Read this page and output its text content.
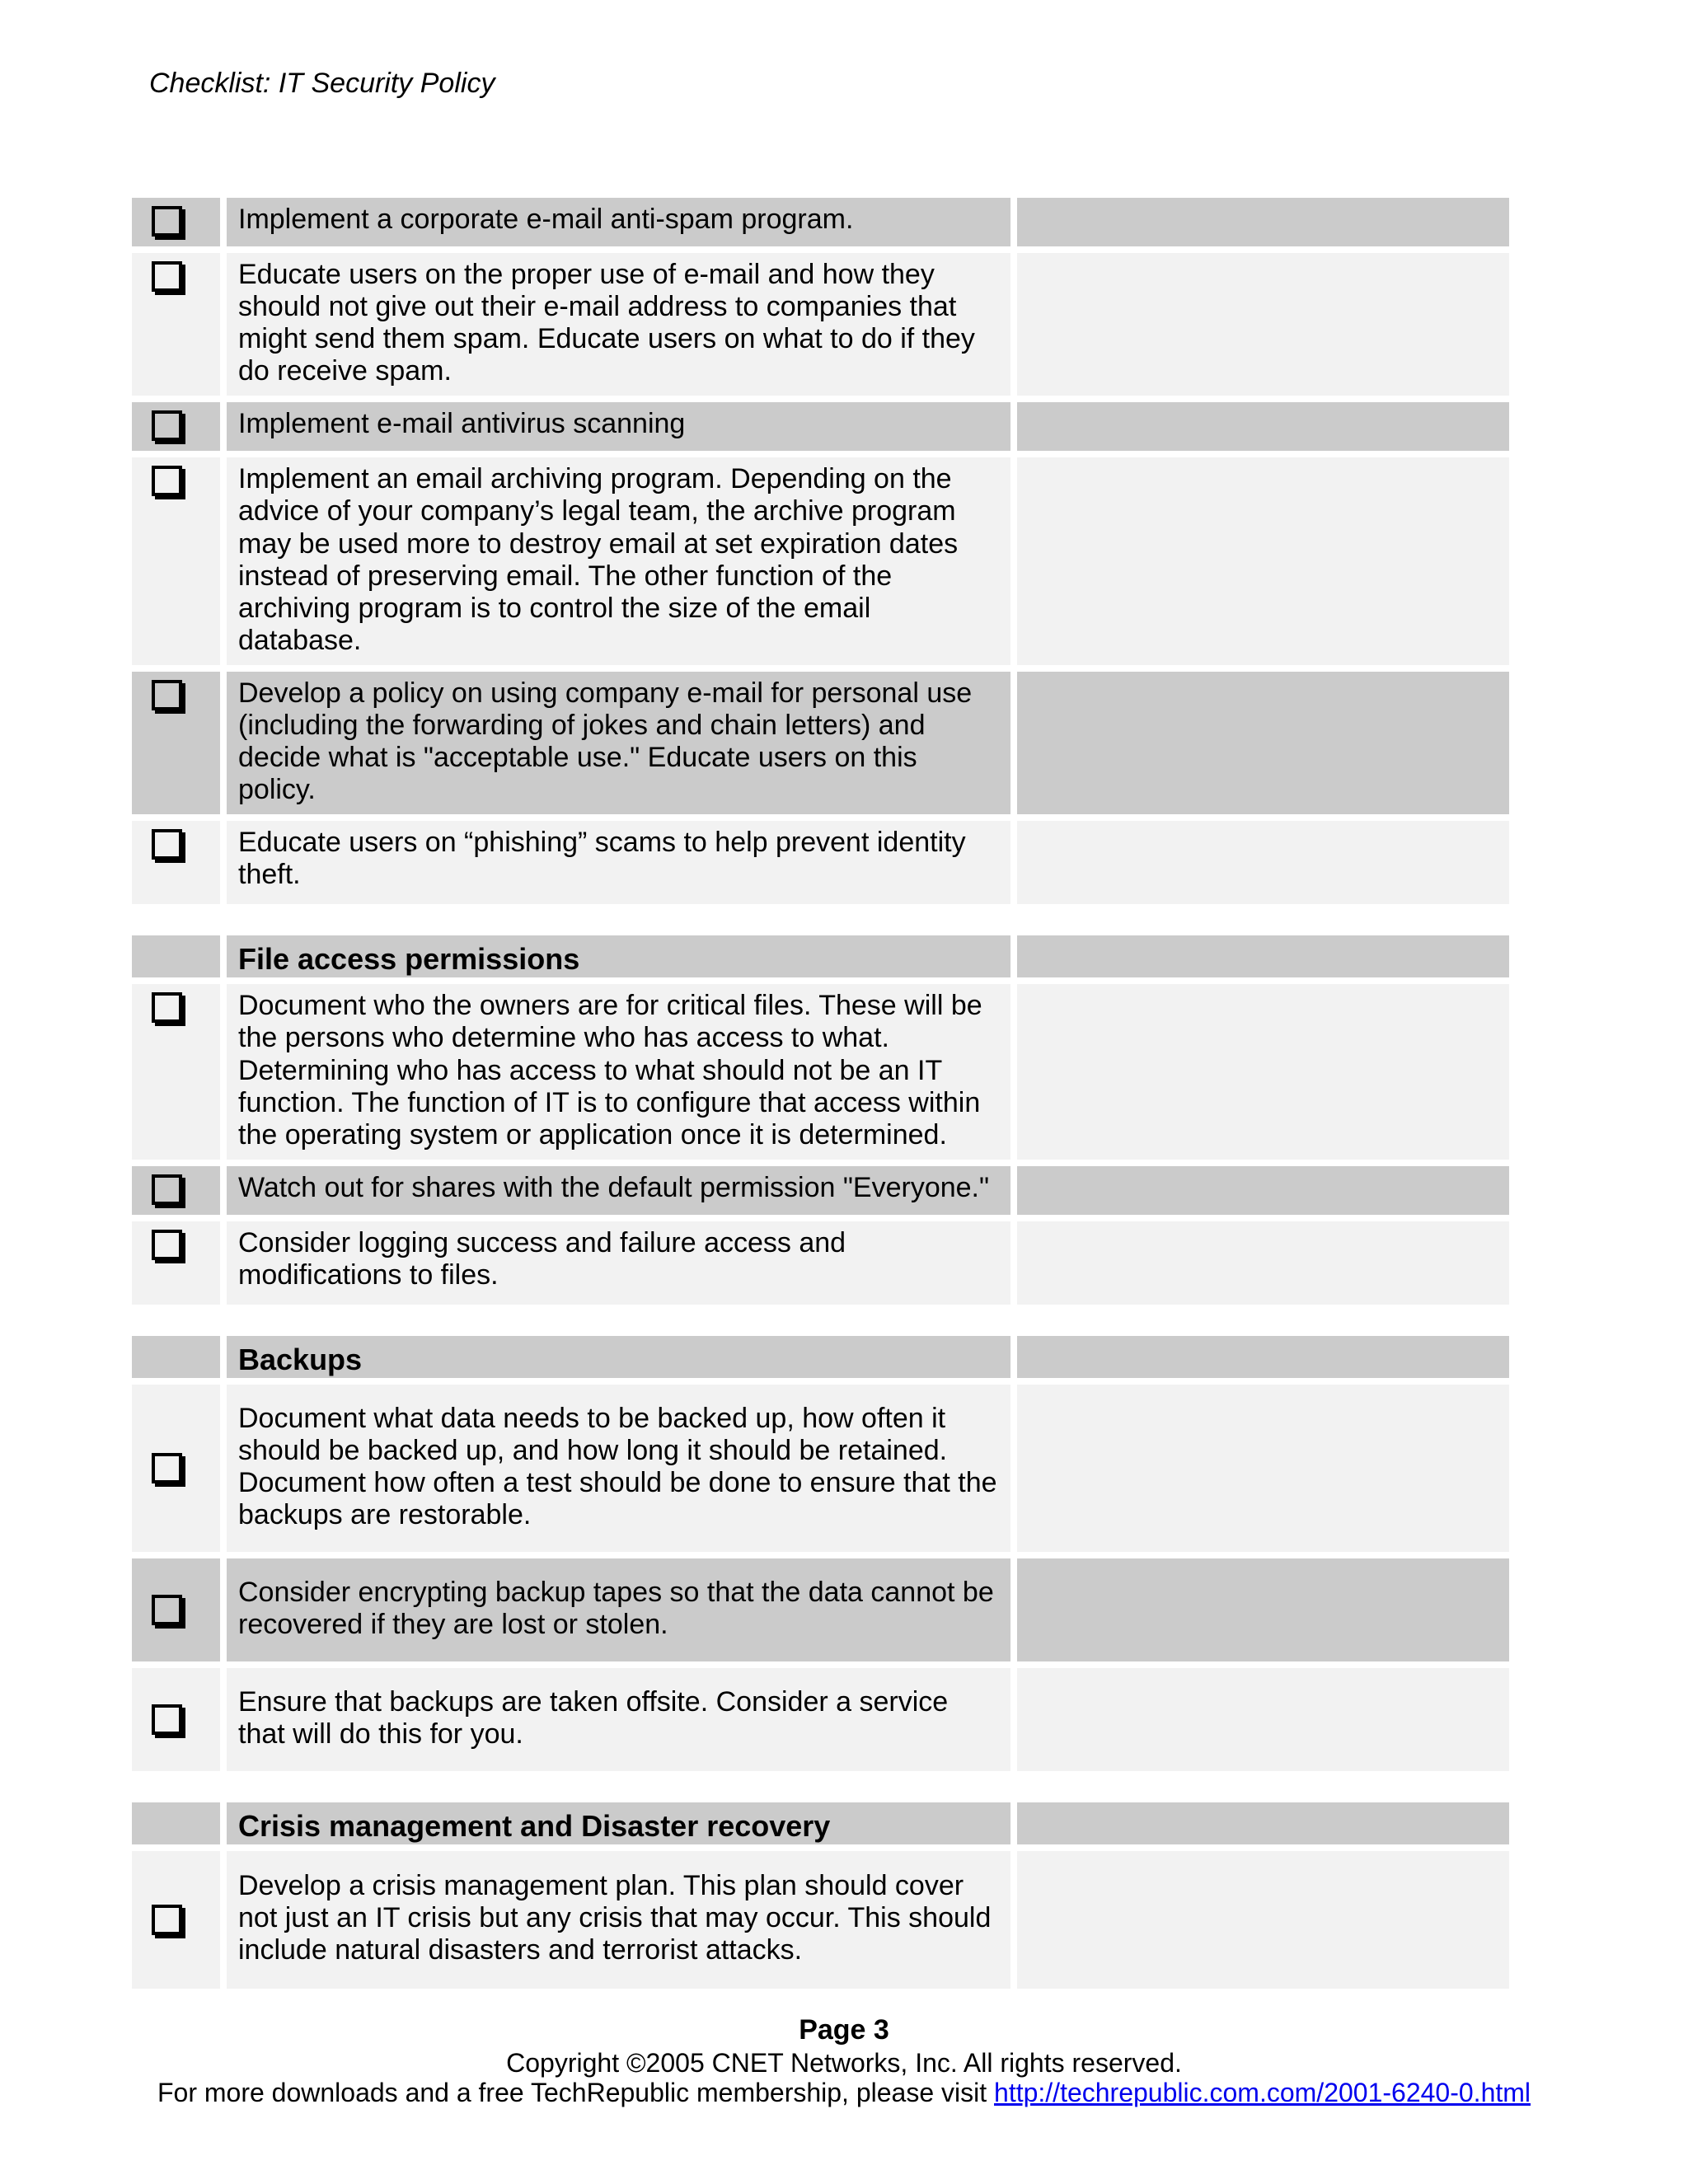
Checklist: IT Security Policy
Implement a corporate e-mail anti-spam program.
Educate users on the proper use of e-mail and how they should not give out their e-mail address to companies that might send them spam. Educate users on what to do if they do receive spam.
Implement e-mail antivirus scanning
Implement an email archiving program. Depending on the advice of your company’s legal team, the archive program may be used more to destroy email at set expiration dates instead of preserving email. The other function of the archiving program is to control the size of the email database.
Develop a policy on using company e-mail for personal use (including the forwarding of jokes and chain letters) and decide what is "acceptable use." Educate users on this policy.
Educate users on “phishing” scams to help prevent identity theft.
File access permissions
Document who the owners are for critical files. These will be the persons who determine who has access to what. Determining who has access to what should not be an IT function. The function of IT is to configure that access within the operating system or application once it is determined.
Watch out for shares with the default permission "Everyone."
Consider logging success and failure access and modifications to files.
Backups
Document what data needs to be backed up, how often it should be backed up, and how long it should be retained. Document how often a test should be done to ensure that the backups are restorable.
Consider encrypting backup tapes so that the data cannot be recovered if they are lost or stolen.
Ensure that backups are taken offsite. Consider a service that will do this for you.
Crisis management and Disaster recovery
Develop a crisis management plan. This plan should cover not just an IT crisis but any crisis that may occur. This should include natural disasters and terrorist attacks.
Page 3
Copyright ©2005 CNET Networks, Inc. All rights reserved.
For more downloads and a free TechRepublic membership, please visit http://techrepublic.com.com/2001-6240-0.html
